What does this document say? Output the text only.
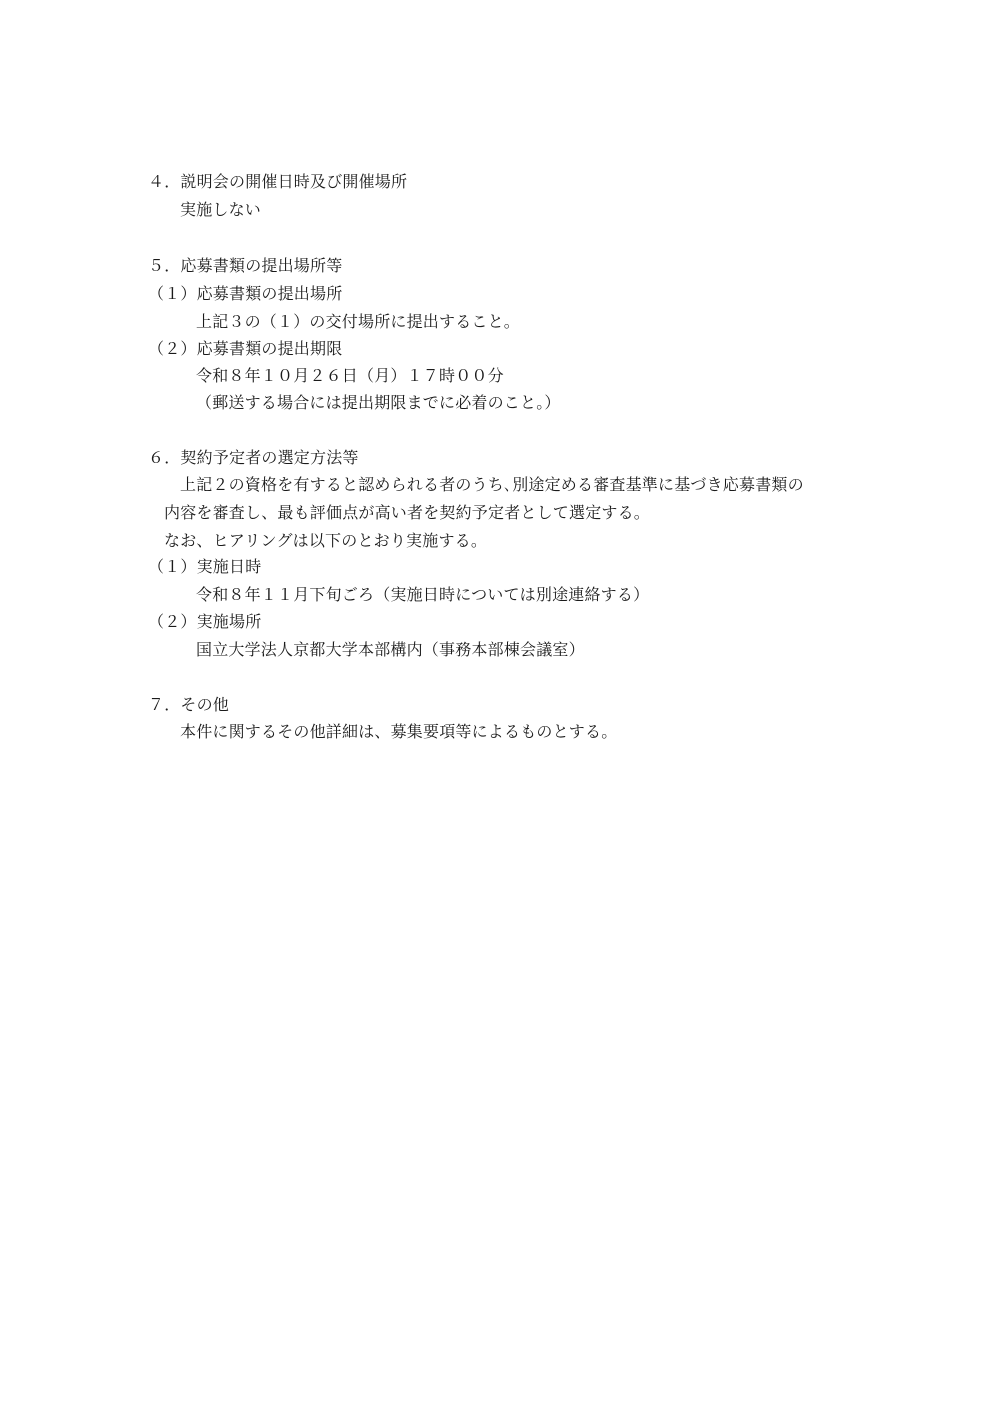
４．説明会の開催日時及び開催場所
実施しない
５．応募書類の提出場所等
（１）応募書類の提出場所
上記３の（１）の交付場所に提出すること。
（２）応募書類の提出期限
令和８年１０月２６日（月）１７時００分
（郵送する場合には提出期限までに必着のこと。）
６．契約予定者の選定方法等
上記２の資格を有すると認められる者のうち､別途定める審査基準に基づき応募書類の
内容を審査し、最も評価点が高い者を契約予定者として選定する。
なお、ヒアリングは以下のとおり実施する。
（１）実施日時
令和８年１１月下旬ごろ（実施日時については別途連絡する）
（２）実施場所
国立大学法人京都大学本部構内（事務本部棟会議室）
７．その他
本件に関するその他詳細は、募集要項等によるものとする。
